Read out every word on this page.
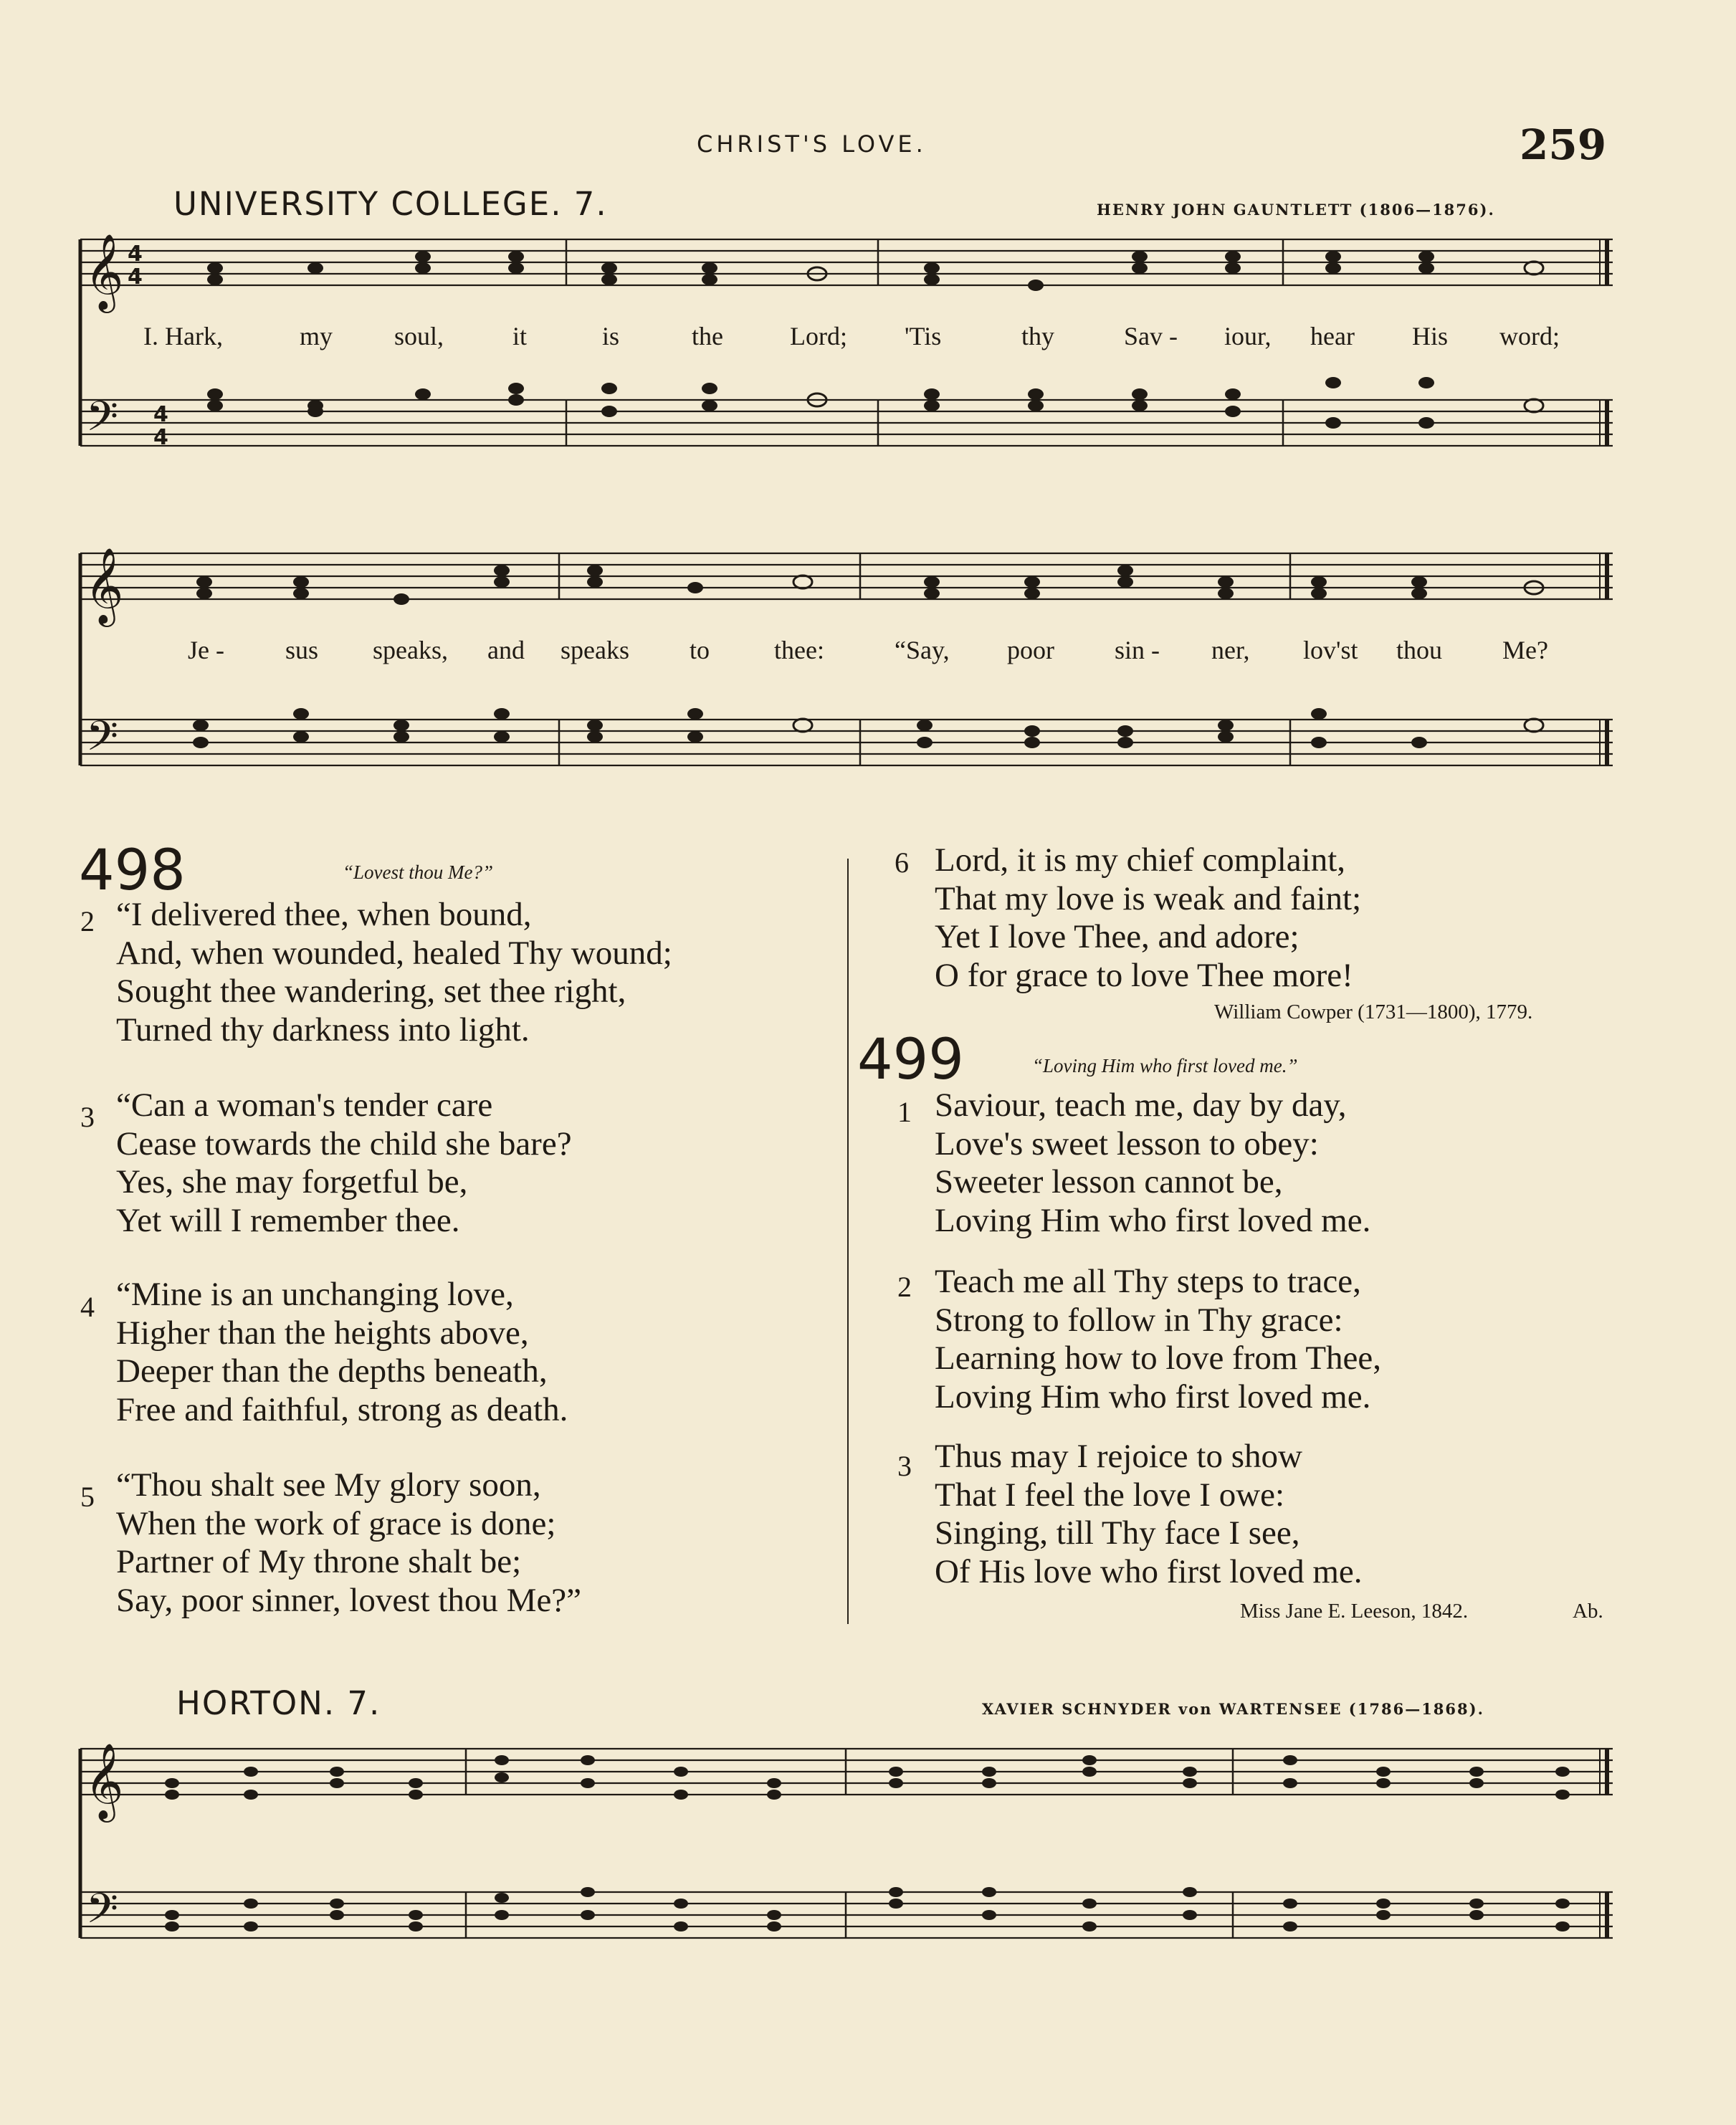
CHRIST'S LOVE.	259
UNIVERSITY COLLEGE. 7.	HENRY JOHN GAUNTLETT (1806—1876).
𝄞
𝄢
𝄞
𝄢
𝄞
𝄢
4
4
4
4
I. Hark,	my soul,	it	is	the	Lord; 'Tis	thy	Sav - iour, hear His word;
Je - sus speaks, and speaks to thee:	“Say, poor sin - ner, lov'st thou Me?
498	“Lovest thou Me?”
2 “I delivered thee, when bound,
And, when wounded, healed Thy wound;
Sought thee wandering, set thee right,
Turned thy darkness into light.
3 “Can a woman's tender care
Cease towards the child she bare?
Yes, she may forgetful be,
Yet will I remember thee.
4 “Mine is an unchanging love,
Higher than the heights above,
Deeper than the depths beneath,
Free and faithful, strong as death.
5 “Thou shalt see My glory soon,
When the work of grace is done;
Partner of My throne shalt be;
Say, poor sinner, lovest thou Me?”
6 Lord, it is my chief complaint,
That my love is weak and faint;
Yet I love Thee, and adore;
O for grace to love Thee more!
William Cowper (1731—1800), 1779.
499	“Loving Him who first loved me.”
1 Saviour, teach me, day by day,
Love's sweet lesson to obey:
Sweeter lesson cannot be,
Loving Him who first loved me.
2 Teach me all Thy steps to trace,
Strong to follow in Thy grace:
Learning how to love from Thee,
Loving Him who first loved me.
3 Thus may I rejoice to show
That I feel the love I owe:
Singing, till Thy face I see,
Of His love who first loved me.
Miss Jane E. Leeson, 1842.	Ab.
HORTON. 7.	XAVIER SCHNYDER von WARTENSEE (1786—1868).
